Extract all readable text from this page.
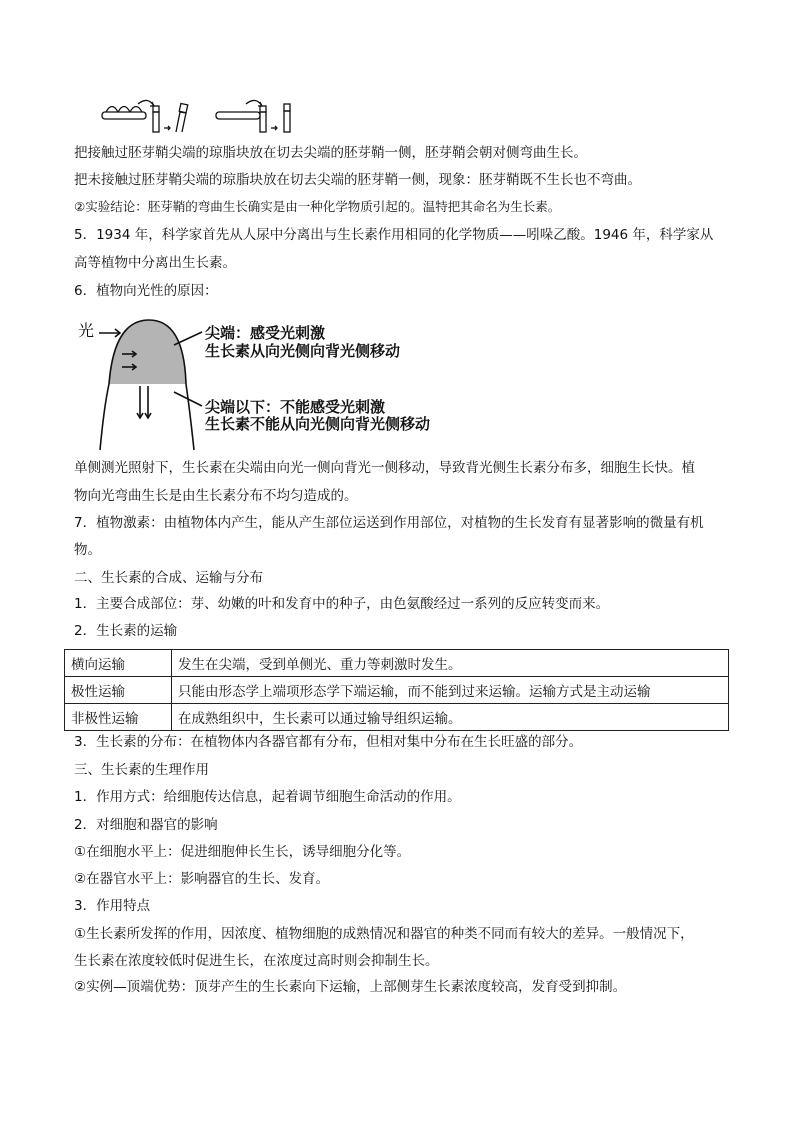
把接触过胚芽鞘尖端的琼脂块放在切去尖端的胚芽鞘一侧，胚芽鞘会朝对侧弯曲生长。
把未接触过胚芽鞘尖端的琼脂块放在切去尖端的胚芽鞘一侧，现象：胚芽鞘既不生长也不弯曲。
②实验结论：胚芽鞘的弯曲生长确实是由一种化学物质引起的。温特把其命名为生长素。
5．1934 年，科学家首先从人尿中分离出与生长素作用相同的化学物质——吲哚乙酸。1946 年，科学家从
高等植物中分离出生长素。
6．植物向光性的原因：
光	尖端：感受光刺激
生长素从向光侧向背光侧移动
尖端以下：不能感受光刺激
生长素不能从向光侧向背光侧移动
单侧测光照射下，生长素在尖端由向光一侧向背光一侧移动，导致背光侧生长素分布多，细胞生长快。植
物向光弯曲生长是由生长素分布不均匀造成的。
7．植物激素：由植物体内产生，能从产生部位运送到作用部位，对植物的生长发育有显著影响的微量有机
物。
二、生长素的合成、运输与分布
1．主要合成部位：芽、幼嫩的叶和发育中的种子，由色氨酸经过一系列的反应转变而来。
2．生长素的运输
横向运输	发生在尖端，受到单侧光、重力等刺激时发生。
极性运输	只能由形态学上端项形态学下端运输，而不能到过来运输。运输方式是主动运输
非极性运输	在成熟组织中，生长素可以通过输导组织运输。
3．生长素的分布：在植物体内各器官都有分布，但相对集中分布在生长旺盛的部分。
三、生长素的生理作用
1．作用方式：给细胞传达信息，起着调节细胞生命活动的作用。
2．对细胞和器官的影响
①在细胞水平上：促进细胞伸长生长，诱导细胞分化等。
②在器官水平上：影响器官的生长、发育。
3．作用特点
①生长素所发挥的作用，因浓度、植物细胞的成熟情况和器官的种类不同而有较大的差异。一般情况下，
生长素在浓度较低时促进生长，在浓度过高时则会抑制生长。
②实例—顶端优势：顶芽产生的生长素向下运输，上部侧芽生长素浓度较高，发育受到抑制。
